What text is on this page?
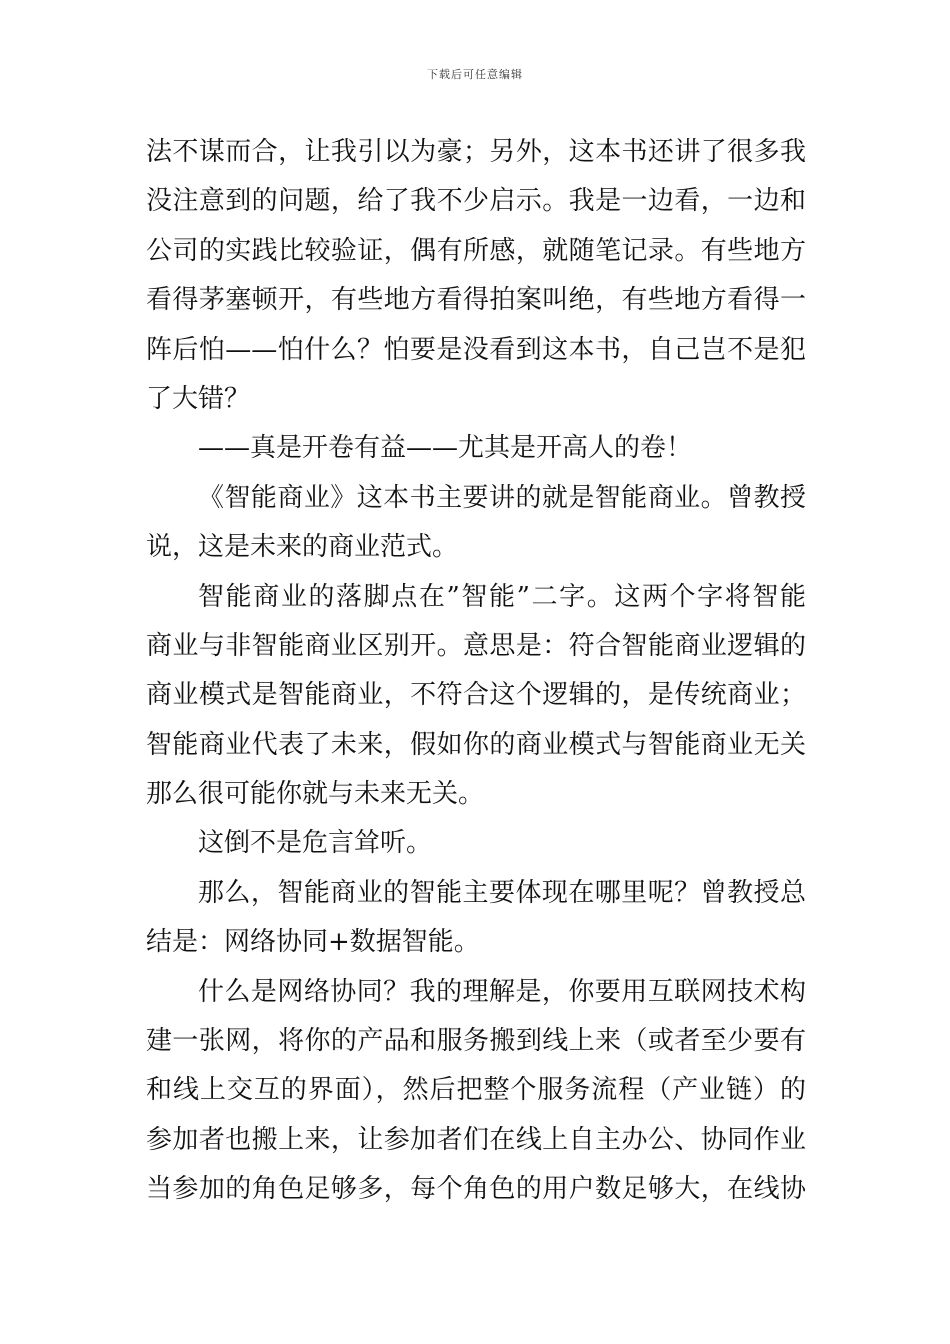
下载后可任意编辑
法不谋而合，让我引以为豪；另外，这本书还讲了很多我
没注意到的问题，给了我不少启示。我是一边看，一边和
公司的实践比较验证，偶有所感，就随笔记录。有些地方
看得茅塞顿开，有些地方看得拍案叫绝，有些地方看得一
阵后怕——怕什么？怕要是没看到这本书，自己岂不是犯
了大错？
——真是开卷有益——尤其是开高人的卷！
《智能商业》这本书主要讲的就是智能商业。曾教授
说，这是未来的商业范式。
智能商业的落脚点在”智能”二字。这两个字将智能
商业与非智能商业区别开。意思是：符合智能商业逻辑的
商业模式是智能商业，不符合这个逻辑的，是传统商业；
智能商业代表了未来，假如你的商业模式与智能商业无关
那么很可能你就与未来无关。
这倒不是危言耸听。
那么，智能商业的智能主要体现在哪里呢？曾教授总
结是：网络协同+数据智能。
什么是网络协同？我的理解是，你要用互联网技术构
建一张网，将你的产品和服务搬到线上来（或者至少要有
和线上交互的界面），然后把整个服务流程（产业链）的
参加者也搬上来，让参加者们在线上自主办公、协同作业
当参加的角色足够多，每个角色的用户数足够大，在线协
